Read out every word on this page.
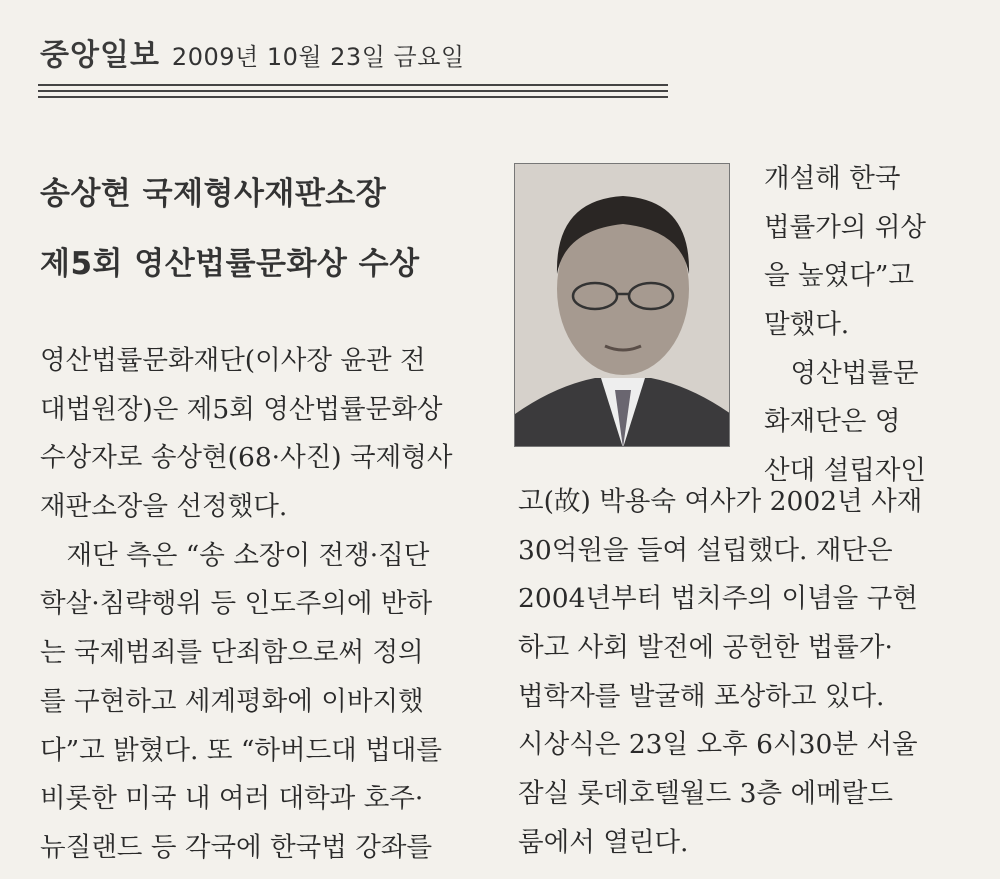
중앙일보 2009년 10월 23일 금요일
송상현 국제형사재판소장
제5회 영산법률문화상 수상
영산법률문화재단(이사장 윤관 전
대법원장)은 제5회 영산법률문화상
수상자로 송상현(68·사진) 국제형사
재판소장을 선정했다.
　재단 측은 “송 소장이 전쟁·집단
학살·침략행위 등 인도주의에 반하
는 국제범죄를 단죄함으로써 정의
를 구현하고 세계평화에 이바지했
다”고 밝혔다. 또 “하버드대 법대를
비롯한 미국 내 여러 대학과 호주·
뉴질랜드 등 각국에 한국법 강좌를
개설해 한국
법률가의 위상
을 높였다”고
말했다.
　영산법률문
화재단은 영
산대 설립자인
고(故) 박용숙 여사가 2002년 사재
30억원을 들여 설립했다. 재단은
2004년부터 법치주의 이념을 구현
하고 사회 발전에 공헌한 법률가·
법학자를 발굴해 포상하고 있다.
시상식은 23일 오후 6시30분 서울
잠실 롯데호텔월드 3층 에메랄드
룸에서 열린다.
